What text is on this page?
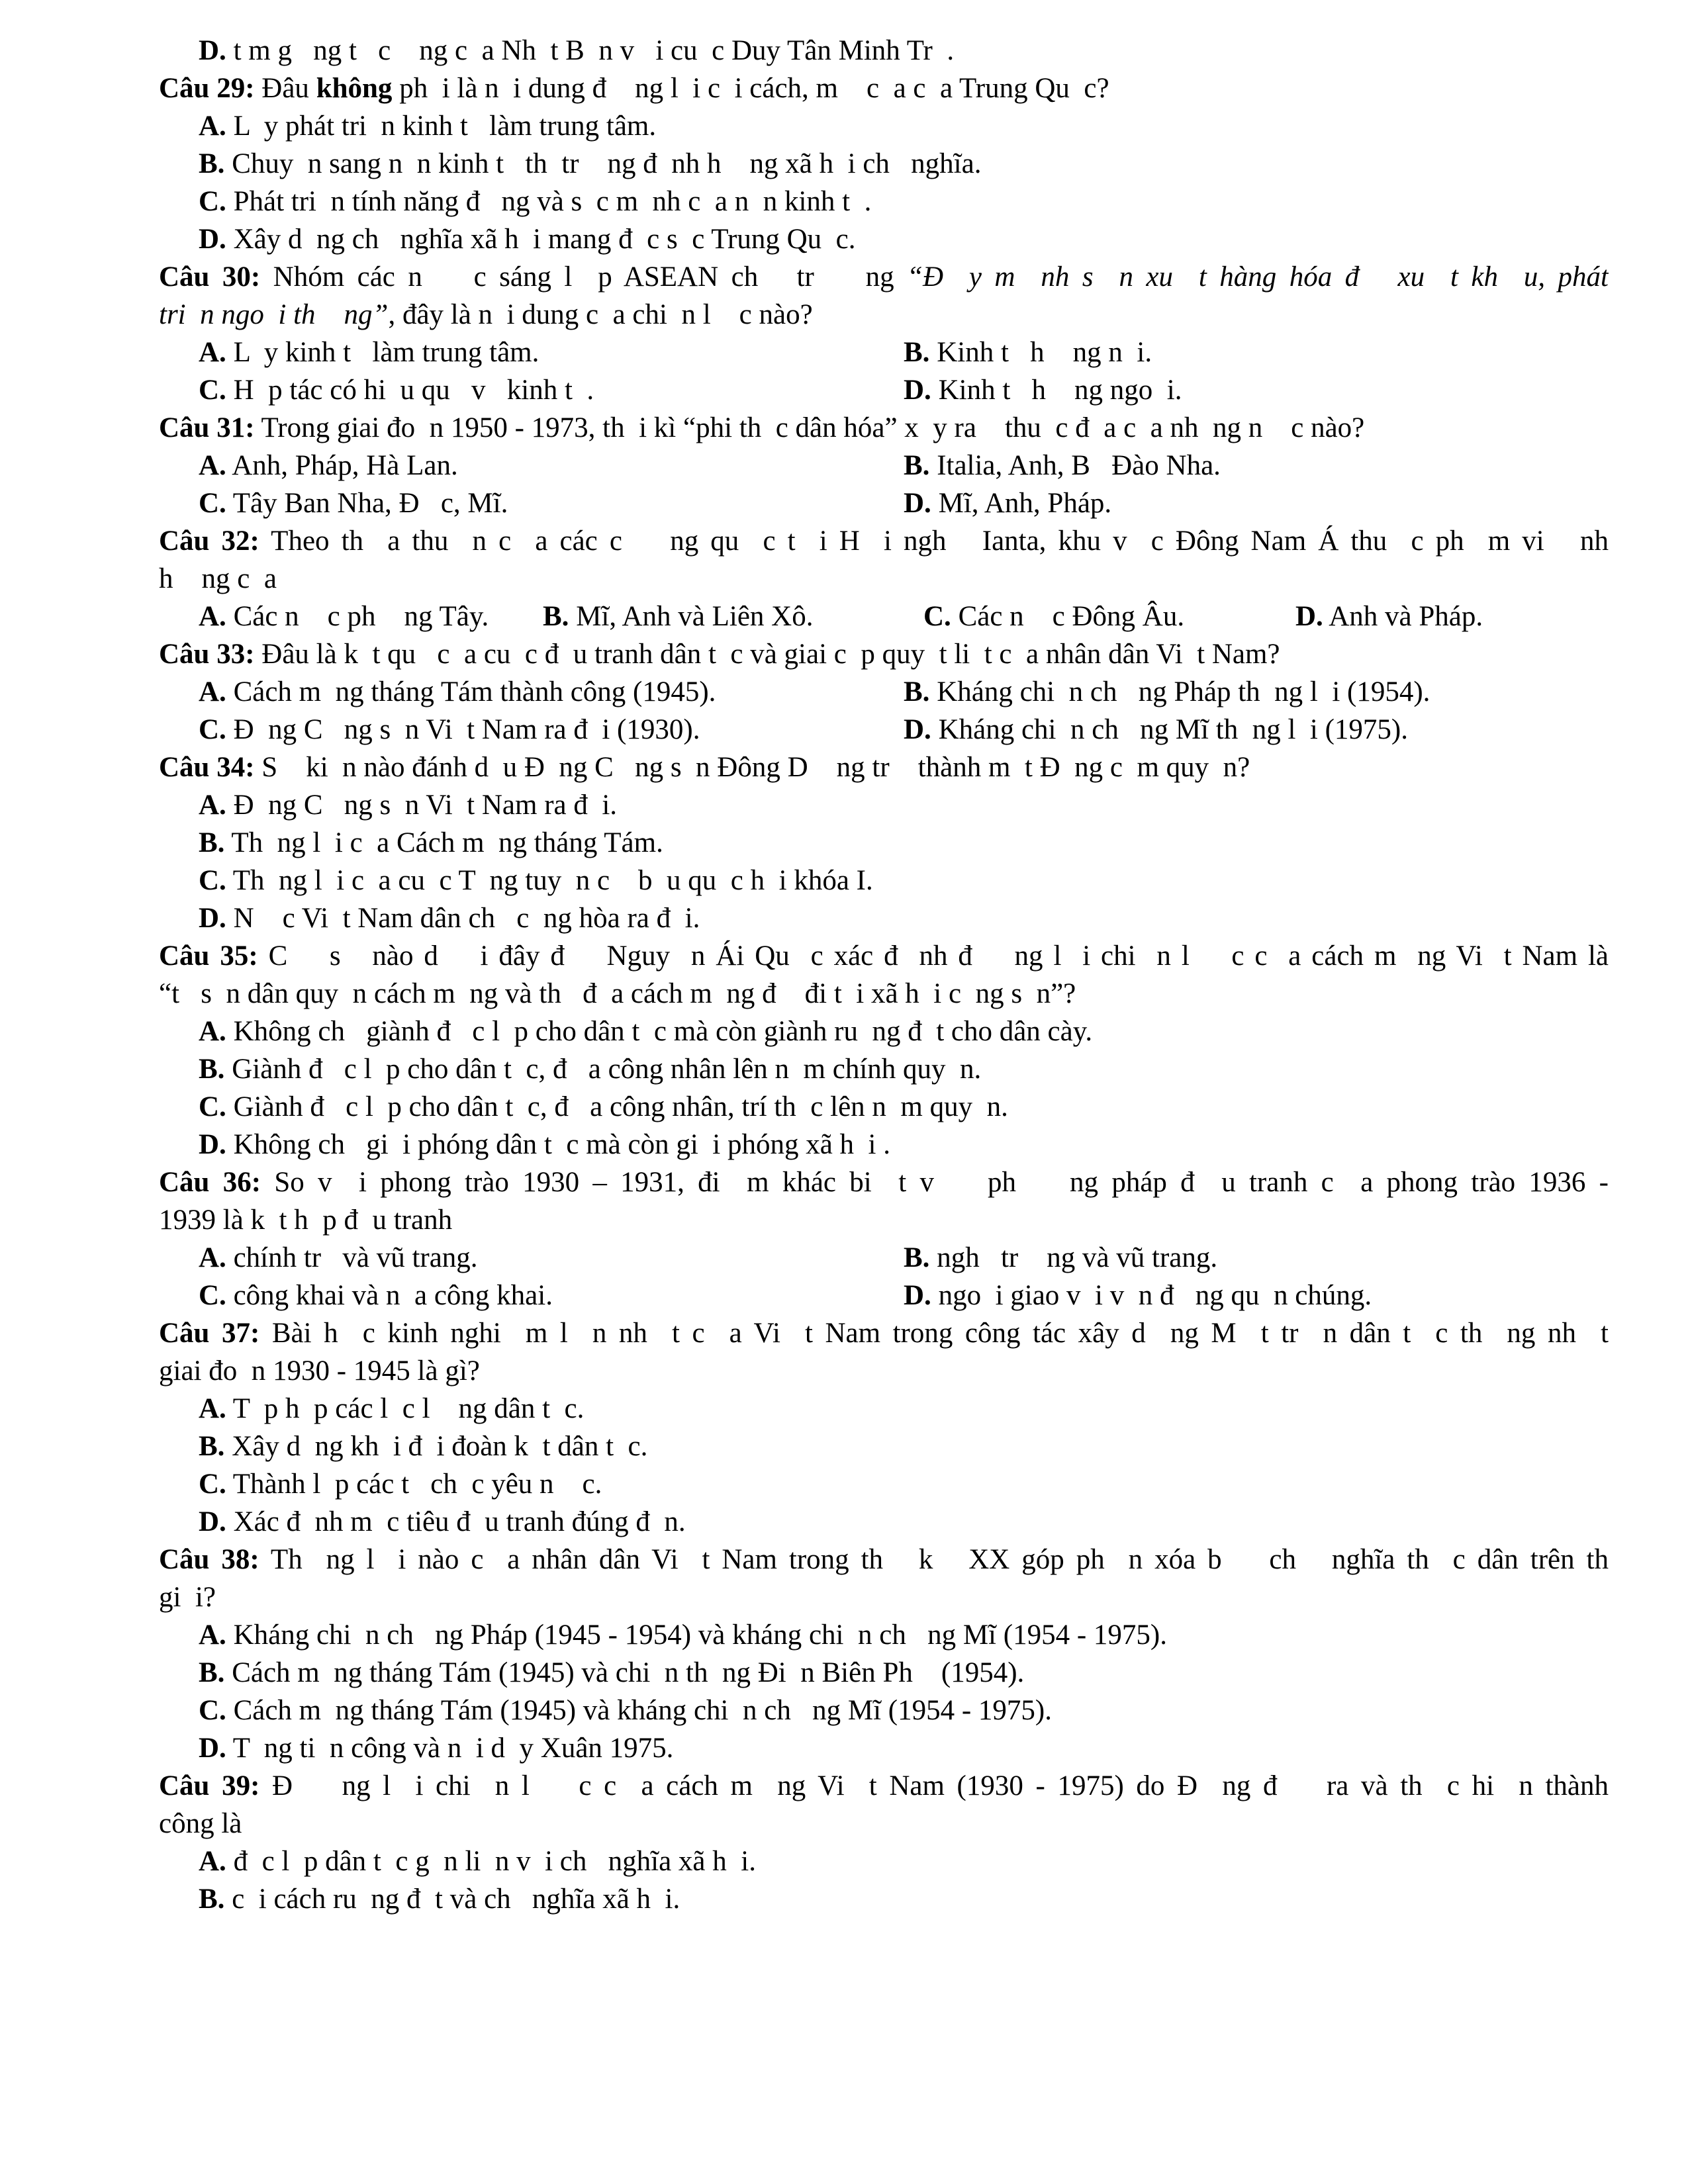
D. t m g   ng t   c    ng c  a Nh  t B  n v   i cu  c Duy Tân Minh Tr  .
Câu 29: Đâu không ph  i là n  i dung đ    ng l  i c  i cách, m    c  a c  a Trung Qu  c?
A. L  y phát tri  n kinh t   làm trung tâm.
B. Chuy  n sang n  n kinh t   th  tr    ng đ  nh h    ng xã h  i ch   nghĩa.
C. Phát tri  n tính năng đ   ng và s  c m  nh c  a n  n kinh t  .
D. Xây d  ng ch   nghĩa xã h  i mang đ  c s  c Trung Qu  c.
Câu 30: Nhóm các n    c sáng l  p ASEAN ch   tr    ng “Đ  y m  nh s  n xu  t hàng hóa đ   xu  t kh  u, phát
tri  n ngo  i th    ng”, đây là n  i dung c  a chi  n l    c nào?
A. L  y kinh t   làm trung tâm.	B. Kinh t   h    ng n  i.
C. H  p tác có hi  u qu   v   kinh t  .	D. Kinh t   h    ng ngo  i.
Câu 31: Trong giai đo  n 1950 - 1973, th  i kì “phi th  c dân hóa” x  y ra    thu  c đ  a c  a nh  ng n    c nào?
A. Anh, Pháp, Hà Lan.	B. Italia, Anh, B   Đào Nha.
C. Tây Ban Nha, Đ   c, Mĩ.	D. Mĩ, Anh, Pháp.
Câu 32: Theo th  a thu  n c  a các c    ng qu  c t  i H  i ngh   Ianta, khu v  c Đông Nam Á thu  c ph  m vi   nh
h    ng c  a
A. Các n    c ph    ng Tây.	B. Mĩ, Anh và Liên Xô.	C. Các n    c Đông Âu.	D. Anh và Pháp.
Câu 33: Đâu là k  t qu   c  a cu  c đ  u tranh dân t  c và giai c  p quy  t li  t c  a nhân dân Vi  t Nam?
A. Cách m  ng tháng Tám thành công (1945).	B. Kháng chi  n ch   ng Pháp th  ng l  i (1954).
C. Đ  ng C   ng s  n Vi  t Nam ra đ  i (1930).	D. Kháng chi  n ch   ng Mĩ th  ng l  i (1975).
Câu 34: S    ki  n nào đánh d  u Đ  ng C   ng s  n Đông D    ng tr    thành m  t Đ  ng c  m quy  n?
A. Đ  ng C   ng s  n Vi  t Nam ra đ  i.
B. Th  ng l  i c  a Cách m  ng tháng Tám.
C. Th  ng l  i c  a cu  c T  ng tuy  n c    b  u qu  c h  i khóa I.
D. N    c Vi  t Nam dân ch   c  ng hòa ra đ  i.
Câu 35: C    s   nào d    i đây đ    Nguy  n Ái Qu  c xác đ  nh đ    ng l  i chi  n l    c c  a cách m  ng Vi  t Nam là
“t   s  n dân quy  n cách m  ng và th   đ  a cách m  ng đ    đi t  i xã h  i c  ng s  n”?
A. Không ch   giành đ   c l  p cho dân t  c mà còn giành ru  ng đ  t cho dân cày.
B. Giành đ   c l  p cho dân t  c, đ   a công nhân lên n  m chính quy  n.
C. Giành đ   c l  p cho dân t  c, đ   a công nhân, trí th  c lên n  m quy  n.
D. Không ch   gi  i phóng dân t  c mà còn gi  i phóng xã h  i .
Câu 36: So v  i phong trào 1930 – 1931, đi  m khác bi  t v    ph    ng pháp đ  u tranh c  a phong trào 1936 -
1939 là k  t h  p đ  u tranh
A. chính tr   và vũ trang.	B. ngh   tr    ng và vũ trang.
C. công khai và n  a công khai.	D. ngo  i giao v  i v  n đ   ng qu  n chúng.
Câu 37: Bài h  c kinh nghi  m l  n nh  t c  a Vi  t Nam trong công tác xây d  ng M  t tr  n dân t  c th  ng nh  t
giai đo  n 1930 - 1945 là gì?
A. T  p h  p các l  c l    ng dân t  c.
B. Xây d  ng kh  i đ  i đoàn k  t dân t  c.
C. Thành l  p các t   ch  c yêu n    c.
D. Xác đ  nh m  c tiêu đ  u tranh đúng đ  n.
Câu 38: Th  ng l  i nào c  a nhân dân Vi  t Nam trong th   k   XX góp ph  n xóa b    ch   nghĩa th  c dân trên th
gi  i?
A. Kháng chi  n ch   ng Pháp (1945 - 1954) và kháng chi  n ch   ng Mĩ (1954 - 1975).
B. Cách m  ng tháng Tám (1945) và chi  n th  ng Đi  n Biên Ph    (1954).
C. Cách m  ng tháng Tám (1945) và kháng chi  n ch   ng Mĩ (1954 - 1975).
D. T  ng ti  n công và n  i d  y Xuân 1975.
Câu 39: Đ    ng l  i chi  n l    c c  a cách m  ng Vi  t Nam (1930 - 1975) do Đ  ng đ    ra và th  c hi  n thành
công là
A. đ  c l  p dân t  c g  n li  n v  i ch   nghĩa xã h  i.
B. c  i cách ru  ng đ  t và ch   nghĩa xã h  i.
